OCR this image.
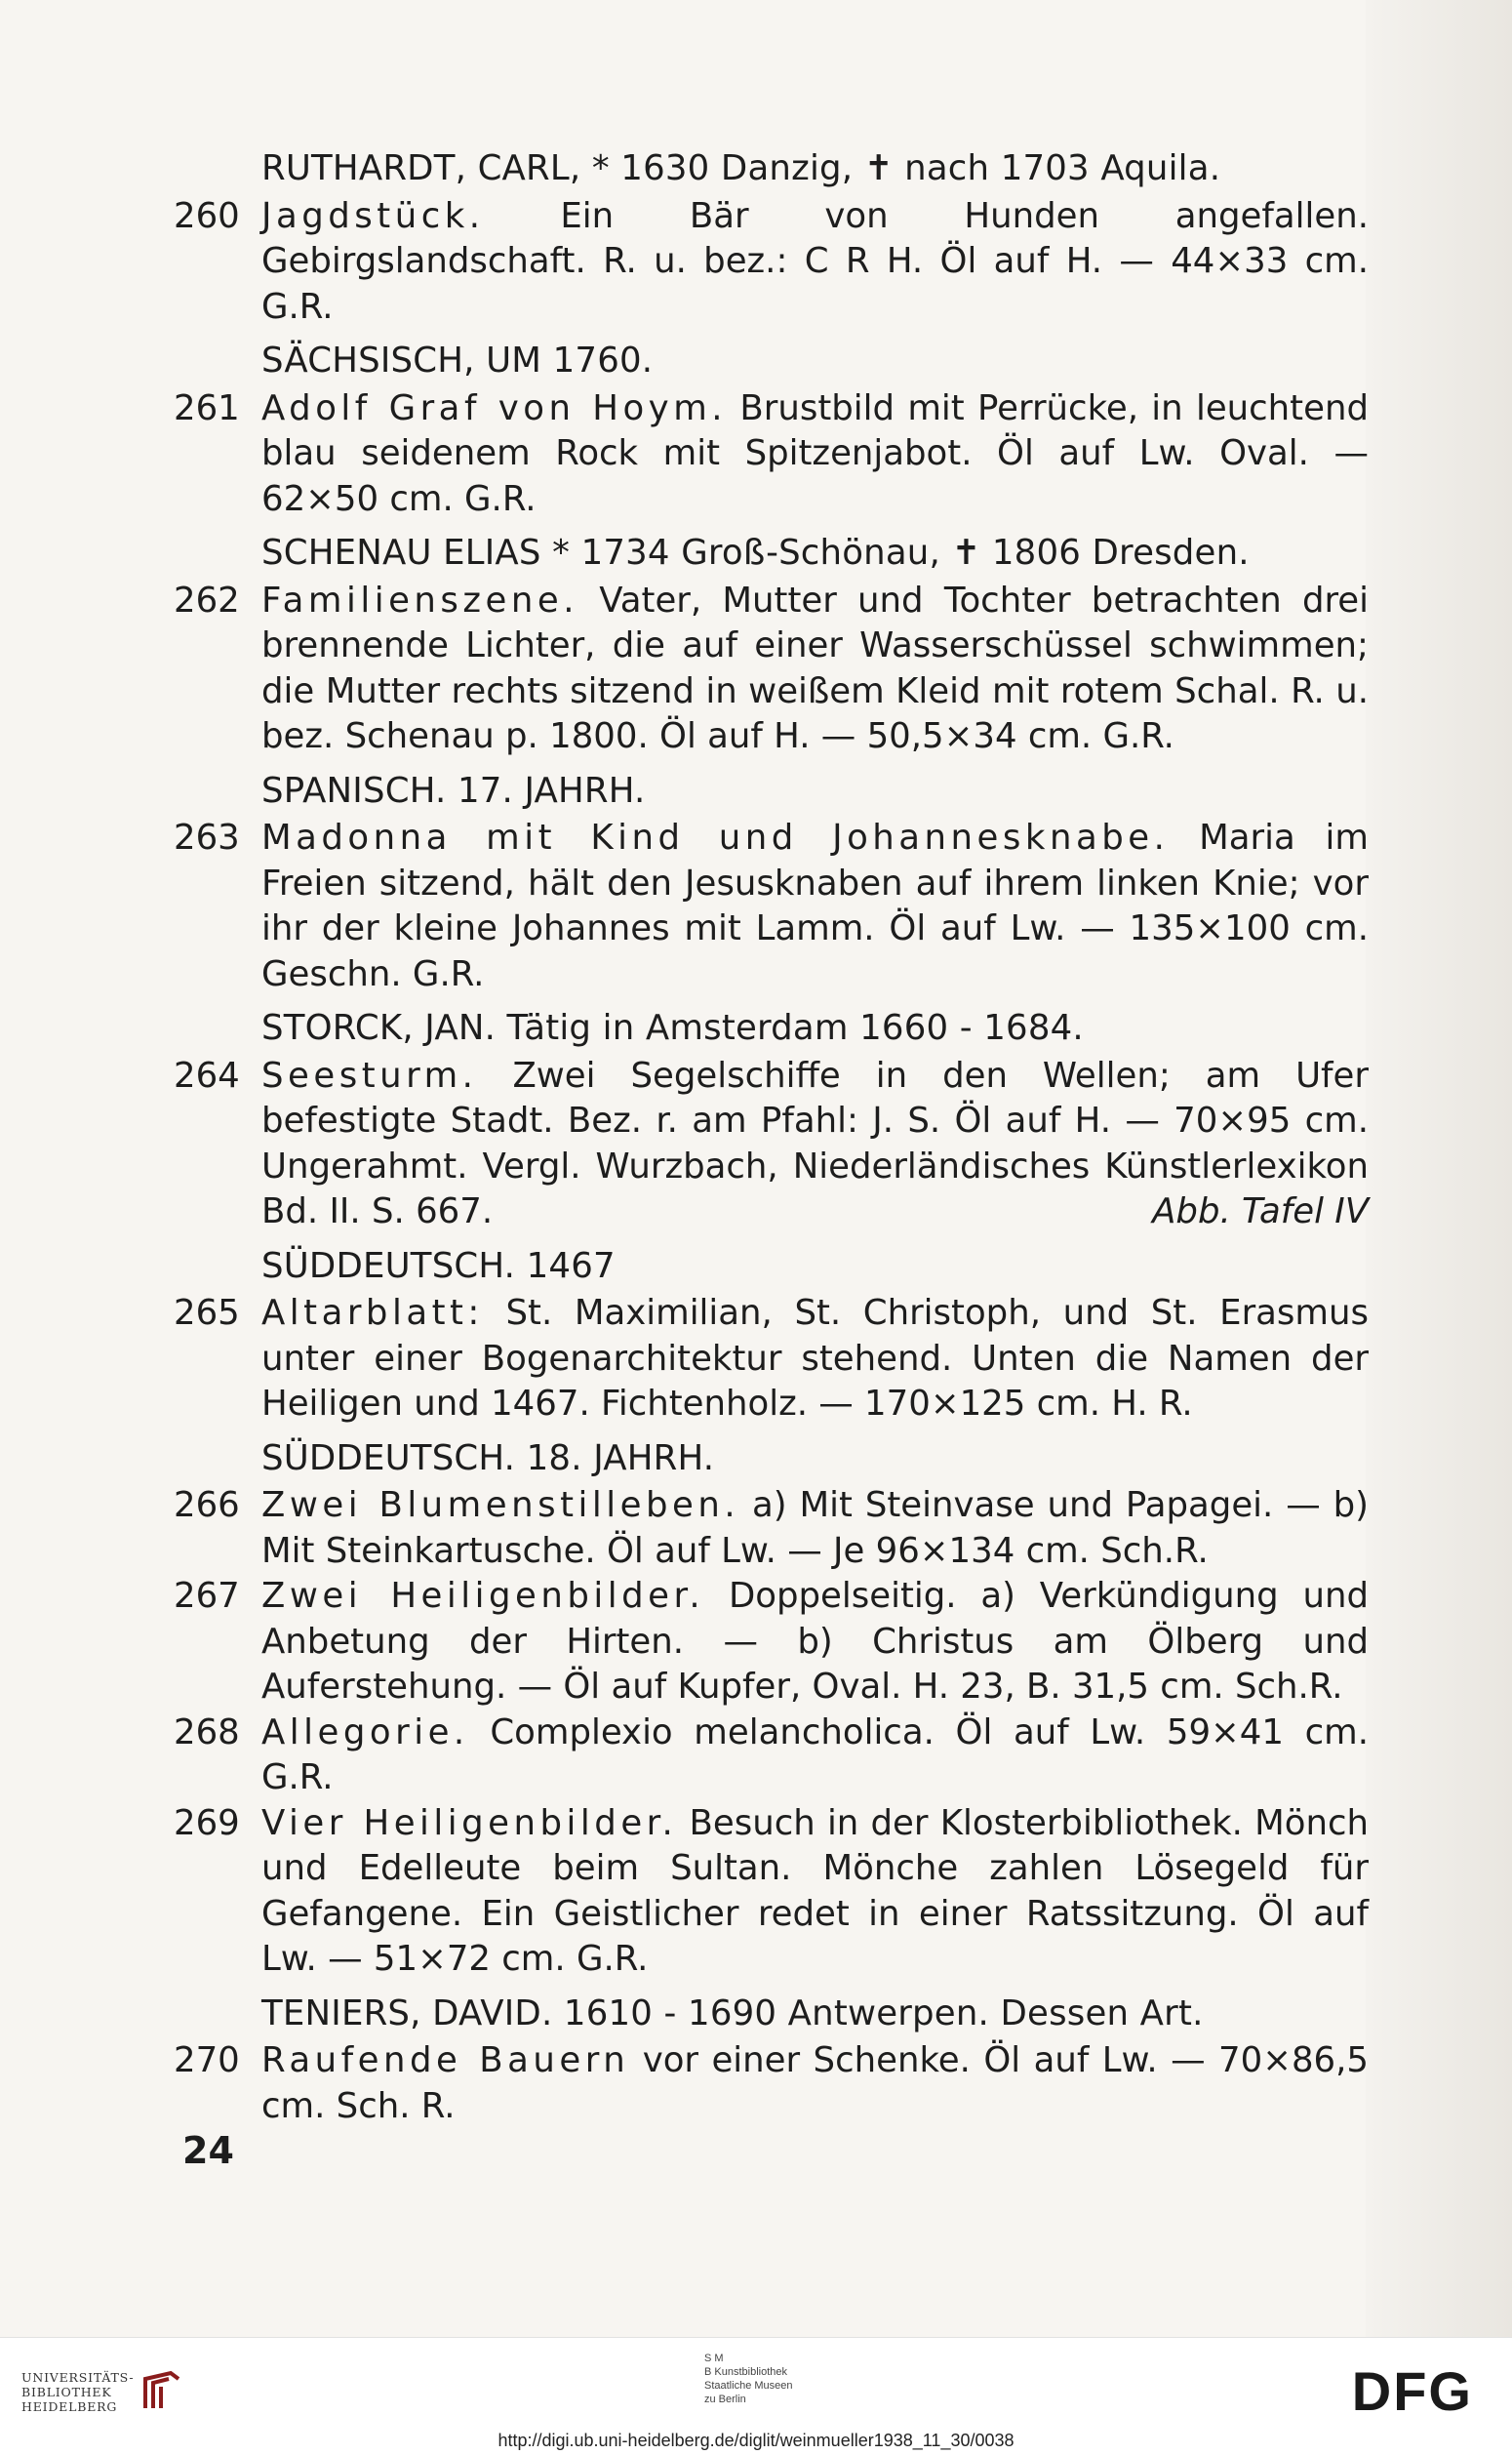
RUTHARDT, CARL, * 1630 Danzig, ✝ nach 1703 Aquila.
260 Jagdstück. Ein Bär von Hunden angefallen. Gebirgslandschaft. R. u. bez.: C R H. Öl auf H. — 44×33 cm. G.R.
SÄCHSISCH, UM 1760.
261 Adolf Graf von Hoym. Brustbild mit Perrücke, in leuchtend blau seidenem Rock mit Spitzenjabot. Öl auf Lw. Oval. — 62×50 cm. G.R.
SCHENAU ELIAS * 1734 Groß-Schönau, ✝ 1806 Dresden.
262 Familienszene. Vater, Mutter und Tochter betrachten drei brennende Lichter, die auf einer Wasserschüssel schwimmen; die Mutter rechts sitzend in weißem Kleid mit rotem Schal. R. u. bez. Schenau p. 1800. Öl auf H. — 50,5×34 cm. G.R.
SPANISCH. 17. JAHRH.
263 Madonna mit Kind und Johannesknabe. Maria im Freien sitzend, hält den Jesusknaben auf ihrem linken Knie; vor ihr der kleine Johannes mit Lamm. Öl auf Lw. — 135×100 cm. Geschn. G.R.
STORCK, JAN. Tätig in Amsterdam 1660 - 1684.
264 Seesturm. Zwei Segelschiffe in den Wellen; am Ufer befestigte Stadt. Bez. r. am Pfahl: J. S. Öl auf H. — 70×95 cm. Ungerahmt. Vergl. Wurzbach, Niederländisches Künstlerlexikon Bd. II. S. 667.	Abb. Tafel IV
SÜDDEUTSCH. 1467
265 Altarblatt: St. Maximilian, St. Christoph, und St. Erasmus unter einer Bogenarchitektur stehend. Unten die Namen der Heiligen und 1467. Fichtenholz. — 170×125 cm. H. R.
SÜDDEUTSCH. 18. JAHRH.
266 Zwei Blumenstilleben. a) Mit Steinvase und Papagei. — b) Mit Steinkartusche. Öl auf Lw. — Je 96×134 cm. Sch.R.
267 Zwei Heiligenbilder. Doppelseitig. a) Verkündigung und Anbetung der Hirten. — b) Christus am Ölberg und Auferstehung. — Öl auf Kupfer, Oval. H. 23, B. 31,5 cm. Sch.R.
268 Allegorie. Complexio melancholica. Öl auf Lw. 59×41 cm. G.R.
269 Vier Heiligenbilder. Besuch in der Klosterbibliothek. Mönch und Edelleute beim Sultan. Mönche zahlen Lösegeld für Gefangene. Ein Geistlicher redet in einer Ratssitzung. Öl auf Lw. — 51×72 cm. G.R.
TENIERS, DAVID. 1610 - 1690 Antwerpen. Dessen Art.
270 Raufende Bauern vor einer Schenke. Öl auf Lw. — 70×86,5 cm. Sch. R.
24
UNIVERSITÄTS-
BIBLIOTHEK
HEIDELBERG
S M
B Kunstbibliothek
Staatliche Museen
zu Berlin	DFG
http://digi.ub.uni-heidelberg.de/diglit/weinmueller1938_11_30/0038
